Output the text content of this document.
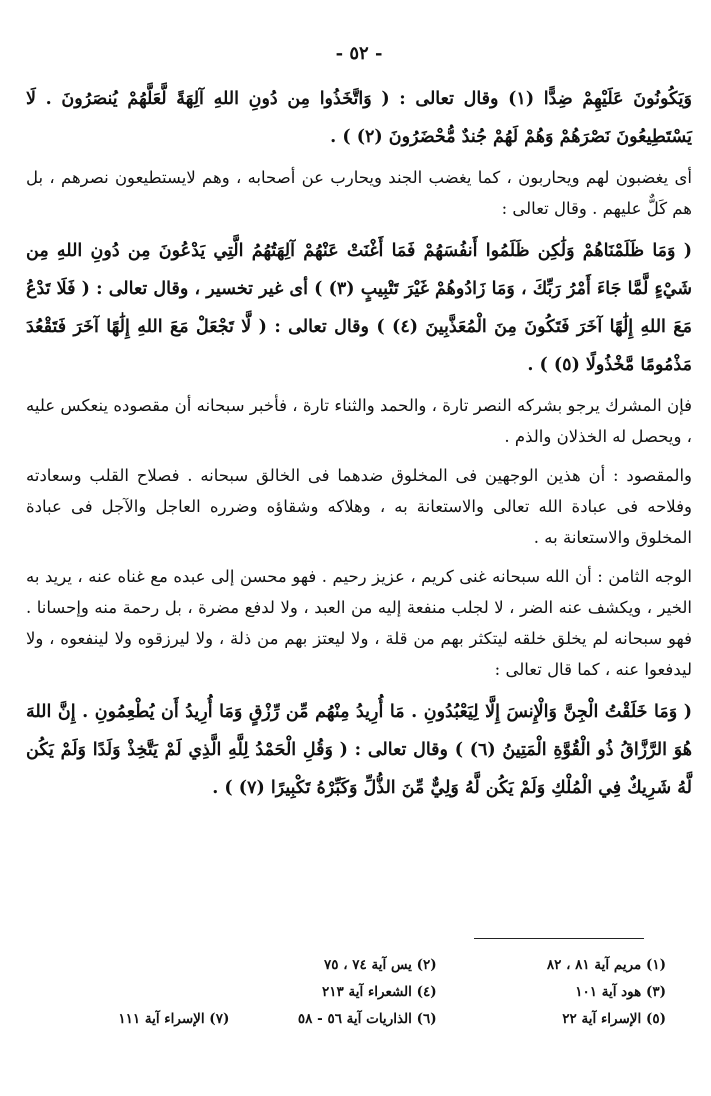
- ٥٢ -

وَيَكُونُونَ عَلَيْهِمْ ضِدًّا (١) وقال تعالى : ( وَاتَّخَذُوا مِن دُونِ اللهِ آلِهَةً لَّعَلَّهُمْ يُنصَرُونَ . لَا يَسْتَطِيعُونَ نَصْرَهُمْ وَهُمْ لَهُمْ جُندٌ مُّحْضَرُونَ (٢) ) .

أى يغضبون لهم ويحاربون ، كما يغضب الجند ويحارب عن أصحابه ، وهم لايستطيعون نصرهم ، بل هم كَلٌّ عليهم . وقال تعالى :

( وَمَا ظَلَمْنَاهُمْ وَلَٰكِن ظَلَمُوا أَنفُسَهُمْ فَمَا أَغْنَتْ عَنْهُمْ آلِهَتُهُمُ الَّتِي يَدْعُونَ مِن دُونِ اللهِ مِن شَيْءٍ لَّمَّا جَاءَ أَمْرُ رَبِّكَ ، وَمَا زَادُوهُمْ غَيْرَ تَتْبِيبٍ (٣) ) أى غير تخسير ، وقال تعالى : ( فَلَا تَدْعُ مَعَ اللهِ إِلَٰهًا آخَرَ فَتَكُونَ مِنَ الْمُعَذَّبِينَ (٤) ) وقال تعالى : ( لَّا تَجْعَلْ مَعَ اللهِ إِلَٰهًا آخَرَ فَتَقْعُدَ مَذْمُومًا مَّخْذُولًا (٥) ) .

فإن المشرك يرجو بشركه النصر تارة ، والحمد والثناء تارة ، فأخبر سبحانه أن مقصوده ينعكس عليه ، ويحصل له الخذلان والذم .

والمقصود : أن هذين الوجهين فى المخلوق ضدهما فى الخالق سبحانه . فصلاح القلب وسعادته وفلاحه فى عبادة الله تعالى والاستعانة به ، وهلاكه وشقاؤه وضرره العاجل والآجل فى عبادة المخلوق والاستعانة به .

الوجه الثامن : أن الله سبحانه غنى كريم ، عزيز رحيم . فهو محسن إلى عبده مع غناه عنه ، يريد به الخير ، ويكشف عنه الضر ، لا لجلب منفعة إليه من العبد ، ولا لدفع مضرة ، بل رحمة منه وإحسانا . فهو سبحانه لم يخلق خلقه ليتكثر بهم من قلة ، ولا ليعتز بهم من ذلة ، ولا ليرزقوه ولا لينفعوه ، ولا ليدفعوا عنه ، كما قال تعالى :

( وَمَا خَلَقْتُ الْجِنَّ وَالْإِنسَ إِلَّا لِيَعْبُدُونِ . مَا أُرِيدُ مِنْهُم مِّن رِّزْقٍ وَمَا أُرِيدُ أَن يُطْعِمُونِ . إِنَّ اللهَ هُوَ الرَّزَّاقُ ذُو الْقُوَّةِ الْمَتِينُ (٦) ) وقال تعالى : ( وَقُلِ الْحَمْدُ لِلَّهِ الَّذِي لَمْ يَتَّخِذْ وَلَدًا وَلَمْ يَكُن لَّهُ شَرِيكٌ فِي الْمُلْكِ وَلَمْ يَكُن لَّهُ وَلِيٌّ مِّنَ الذُّلِّ وَكَبِّرْهُ تَكْبِيرًا (٧) ) .

(١) مريم آية ٨١ ، ٨٢
(٢) يس آية ٧٤ ، ٧٥
(٣) هود آية ١٠١
(٤) الشعراء آية ٢١٣
(٥) الإسراء آية ٢٢
(٦) الذاريات آية ٥٦ - ٥٨
(٧) الإسراء آية ١١١
